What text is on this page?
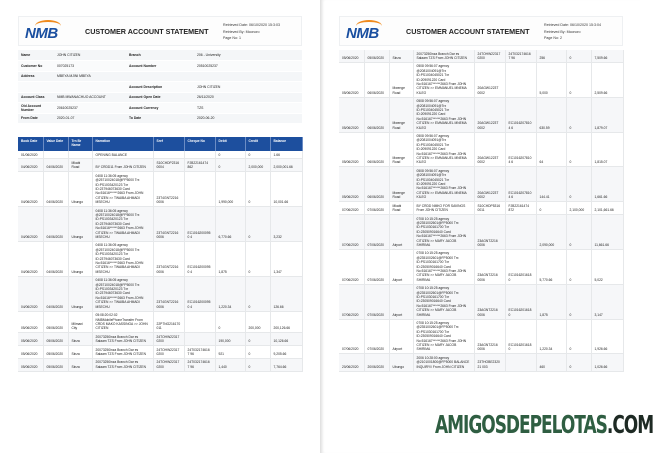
NMB	CUSTOMER ACCOUNT STATEMENT
Retrieved Date: 06/10/2020 15:3:03
Retrieved By: Mconoro
Page No: 1
Name	JOHN CITIZEN	Branch	206 - University
Customer No	007025173	Account Number	20510025237
Address	MBEYA MJINI MBEYA		
		Account Description	JOHN CITIZEN
Account Class	NMB MWANACHUO ACCOUNT	Account Open Date	26/11/2020
Old Account Number	20610025237	Account Currency	TZS
From Date	2020-01-07	To Date	2020-06-20
Book Date	Value Date	Trn Br Name	Narration	Sref	Cheque No	Debit	Credit	Balance
01/06/2020			OPENING BALANCE			0	0	1.66
04/06/2020	04/06/2020	Mkabi Road	BY CRDD11 From JOHN CITIZEN	S10CHDP2316 0004	FJB22161474 862	0	2,000,000	2,000,001.66
04/06/2020	04/06/2020	Ubungo	0408 11:36:05 agency @25710024018@FP5000 Trx ID:PS1003420123 Txr ID:237946073630 Card No:51616******2663 From JOHN CITIZEN >> TWAIBA AHMADI MSECHU	23T4GNT2216 0006		1,990,000	0	10,001.66
04/06/2020	04/06/2020	Ubungo	0408 11:36:05 agency @25710024018@FP5000 Trx ID:PS1003420123 Txr ID:237946073630 Card No:51616******2663 From JOHN CITIZEN >> TWAIBA AHMADI MSECHU	23T4GNT2216 0006	EC10162000950 4	6,770.66	0	3,232
04/06/2020	04/06/2020	Ubungo	0408 11:36:05 agency @25710024018@FP5000 Trx ID:PS1003420123 Txr ID:237946073630 Card No:51616******2663 From JOHN CITIZEN >> TWAIBA AHMADI MSECHU	23T4GNT2216 0006	EC10162000950 4	1,875	0	1,347
04/06/2020	04/06/2020	Ubungo	0408 11:36:05 agency @25710024018@FP5000 Trx ID:PS1003420123 Txr ID:237946073630 Card No:51616******2663 From JOHN CITIZEN >> TWAIBA AHMADI MSECHU	23T4GNT2216 0006	EC10162000950 4	1,220.34	0	126.66
05/06/2020	05/06/2020	Mlimani City	05:08:20:02:02 NMBMobilePhoneTransfer From CRDS MAKO KASSINGA >> JOHN CITIZEN	22P7NG216170 011		0	200,000	200,126.66
05/06/2020	05/06/2020	Sinza	20073250inza Branch Dar es Salaam TZS From JOHN CITIZEN	24TOHW22317 0200		190,000	0	10,126.66
05/06/2020	05/06/2020	Sinza	20073250inza Branch Dar es Salaam TZS From JOHN CITIZEN	24TOHW22317 0200	24T0321746167 96	921	0	9,205.66
05/06/2020	05/06/2020	Sinza	20073250inza Branch Dar es Salaam TZS From JOHN CITIZEN	24TOHW22317 0200	24T0321746167 96	1,440	0	7,764.66
NMB	CUSTOMER ACCOUNT STATEMENT
Retrieved Date: 06/10/2020 15:3:04
Retrieved By: Mconoro
Page No: 2
05/06/2020	05/06/2020	Sinza	20073250inza Branch Dar es Salaam TZS From JOHN CITIZEN	24TOHW22317 0200	24T0321746167 96	256	0	7,509.66
05/06/2020	06/06/2020	Mwenge Road	0508 09:56:07 agency @2081004091@Trx ID:PS1004045021 Txr ID:209091220 Card No:516167******2663 From JOHN CITIZEN >> EMMANUEL MNEMA KILEO	20AGW1223T 0002		5,000	0	2,509.66
05/06/2020	06/06/2020	Mwenge Road	0508 09:56:07 agency @2081004091@Trx ID:PS1004045021 Txr ID:209091220 Card No:516167******2663 From JOHN CITIZEN >> EMMANUEL MNEMA KILEO	20AGW1223T 0002	EC10162078104 6	630.59	0	1,879.07
05/06/2020	06/06/2020	Mwenge Road	0508 09:56:07 agency @2081004091@Trx ID:PS1004045021 Txr ID:209091220 Card No:516167******2663 From JOHN CITIZEN >> EMMANUEL MNEMA KILEO	20AGW1223T 0002	EC10162078104 6	64	0	1,815.07
05/06/2020	06/06/2020	Mwenge Road	0508 09:56:07 agency @2081004091@Trx ID:PS1004045021 Txr ID:209091220 Card No:516167******2663 From JOHN CITIZEN >> EMMANUEL MNEMA KILEO	20AGW1223T 0002	EC10162078104 6	144.41	0	1,661.66
07/06/2020	07/06/2020	Mkabi Road	BY CRDD NMKO FOR SAVINGS From JOHN CITIZEN	S10CHDP5316 0011	FJB22161474 872	0	2,100,000	2,101,661.66
07/06/2020	07/06/2020	Airport	0708 10:15:25 agency @2351002601@FP5000 Trx ID:PS1030161700 Txr ID:230509016640 Card No:516167******2663 From JOHN CITIZEN >> MARY JACOB SHIRIMA	23AGNT2216 0006		2,090,000	0	11,661.66
07/06/2020	07/06/2020	Airport	0708 10:15:25 agency @2351002601@FP5000 Trx ID:PS1030161700 Txr ID:230509016640 Card No:516167******2663 From JOHN CITIZEN >> MARY JACOB SHIRIMA	23AGNT2216 0006	EC10162016180	5,770.66	0	5,022
07/06/2020	07/06/2020	Airport	0708 10:15:25 agency @2351002601@FP5000 Trx ID:PS1030161700 Txr ID:230509016640 Card No:516167******2663 From JOHN CITIZEN >> MARY JACOB SHIRIMA	23AGNT2216 0006	EC10162016180	1,875	0	3,147
07/06/2020	07/06/2020	Airport	0708 10:15:25 agency @2351002601@FP5000 Trx ID:PS1030161700 Txr ID:230509016640 Card No:516167******2663 From JOHN CITIZEN >> MARY JACOB SHIRIMA	23AGNT2216 0006	EC10162016180	1,220.34	0	1,926.66
20/06/2020	20/06/2020	Ubungo	2006 10:28:00 agency @2101001800@FP5000 BALANCE INQUIRY// From JOHN CITIZEN	23THOBE232021 003		460	0	1,026.66
AMIGOSDEPELOTAS.COM
